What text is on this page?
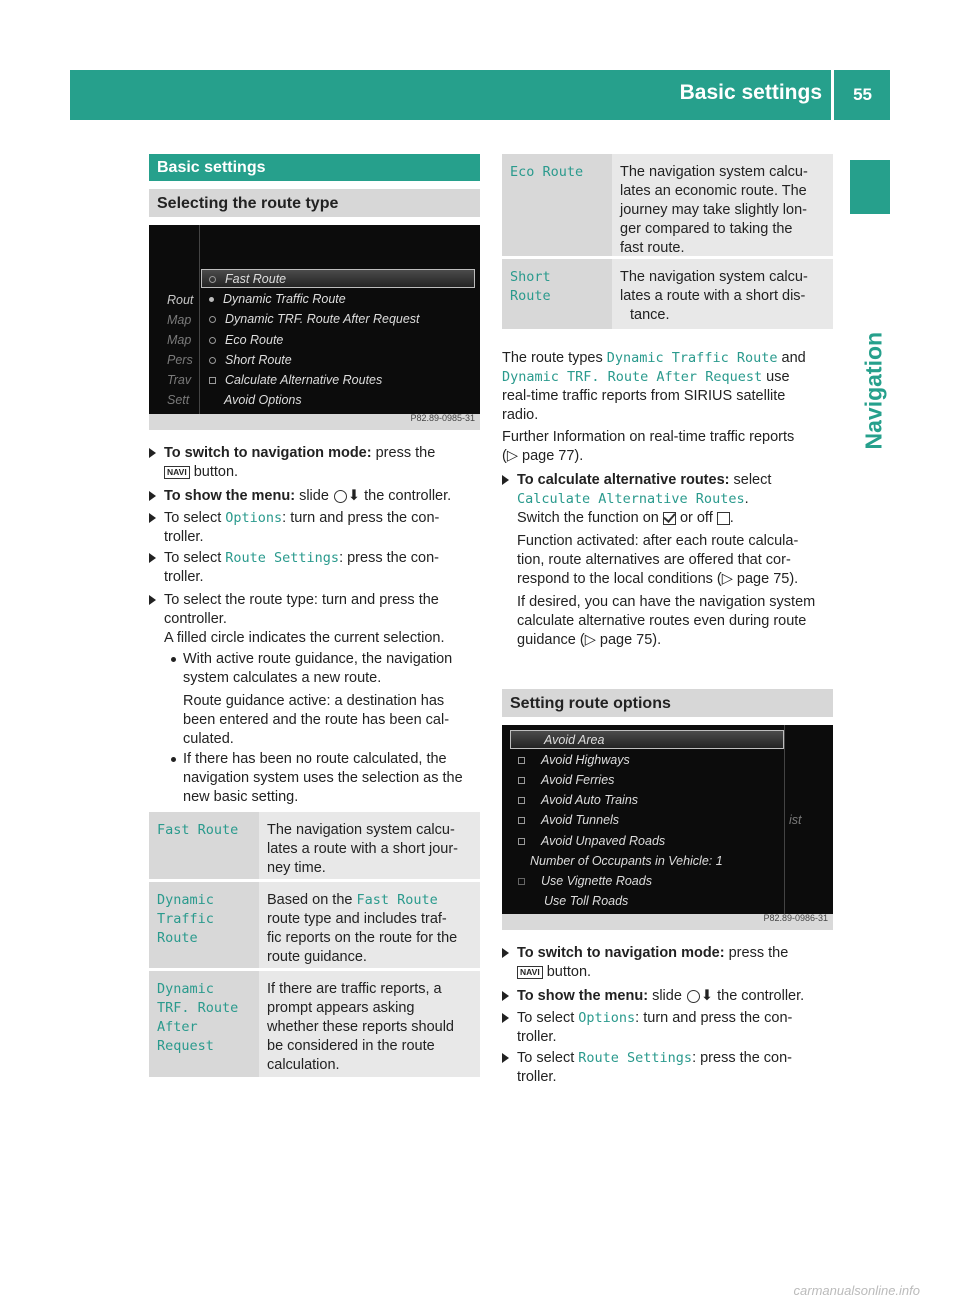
Basic settings 55
Navigation
Basic settings
Selecting the route type
Rout
Map
Map
Pers
Trav
Sett
Fast Route
Dynamic Traffic Route
Dynamic TRF. Route After Request
Eco Route
Short Route
Calculate Alternative Routes
Avoid Options
P82.89-0985-31
To switch to navigation mode: press the
NAVI button.
To show the menu: slide ⬇ the controller.
To select Options: turn and press the con-
troller.
To select Route Settings: press the con-
troller.
To select the route type: turn and press the
controller.
A filled circle indicates the current selection.
With active route guidance, the navigation
system calculates a new route.
Route guidance active: a destination has
been entered and the route has been cal-
culated.
If there has been no route calculated, the
navigation system uses the selection as the
new basic setting.
Fast Route	The navigation system calcu-
lates a route with a short jour-
ney time.
Dynamic
Traffic
Route
Based on the Fast Route
route type and includes traf-
fic reports on the route for the
route guidance.
Dynamic
TRF. Route
After
Request
If there are traffic reports, a
prompt appears asking
whether these reports should
be considered in the route
calculation.
Eco Route	The navigation system calcu-
lates an economic route. The
journey may take slightly lon-
ger compared to taking the
fast route.
Short
Route
The navigation system calcu-
lates a route with a short dis-
tance.
The route types Dynamic Traffic Route and
Dynamic TRF. Route After Request use
real-time traffic reports from SIRIUS satellite
radio.
Further Information on real-time traffic reports
(▷ page 77).
To calculate alternative routes: select
Calculate Alternative Routes.
Switch the function on or off .
Function activated: after each route calcula-
tion, route alternatives are offered that cor-
respond to the local conditions (▷ page 75).
If desired, you can have the navigation system
calculate alternative routes even during route
guidance (▷ page 75).
Setting route options
ist
Avoid Area
Avoid Highways
Avoid Ferries
Avoid Auto Trains
Avoid Tunnels
Avoid Unpaved Roads
Number of Occupants in Vehicle: 1
Use Vignette Roads
Use Toll Roads
P82.89-0986-31
To switch to navigation mode: press the
NAVI button.
To show the menu: slide ⬇ the controller.
To select Options: turn and press the con-
troller.
To select Route Settings: press the con-
troller.
carmanualsonline.info
